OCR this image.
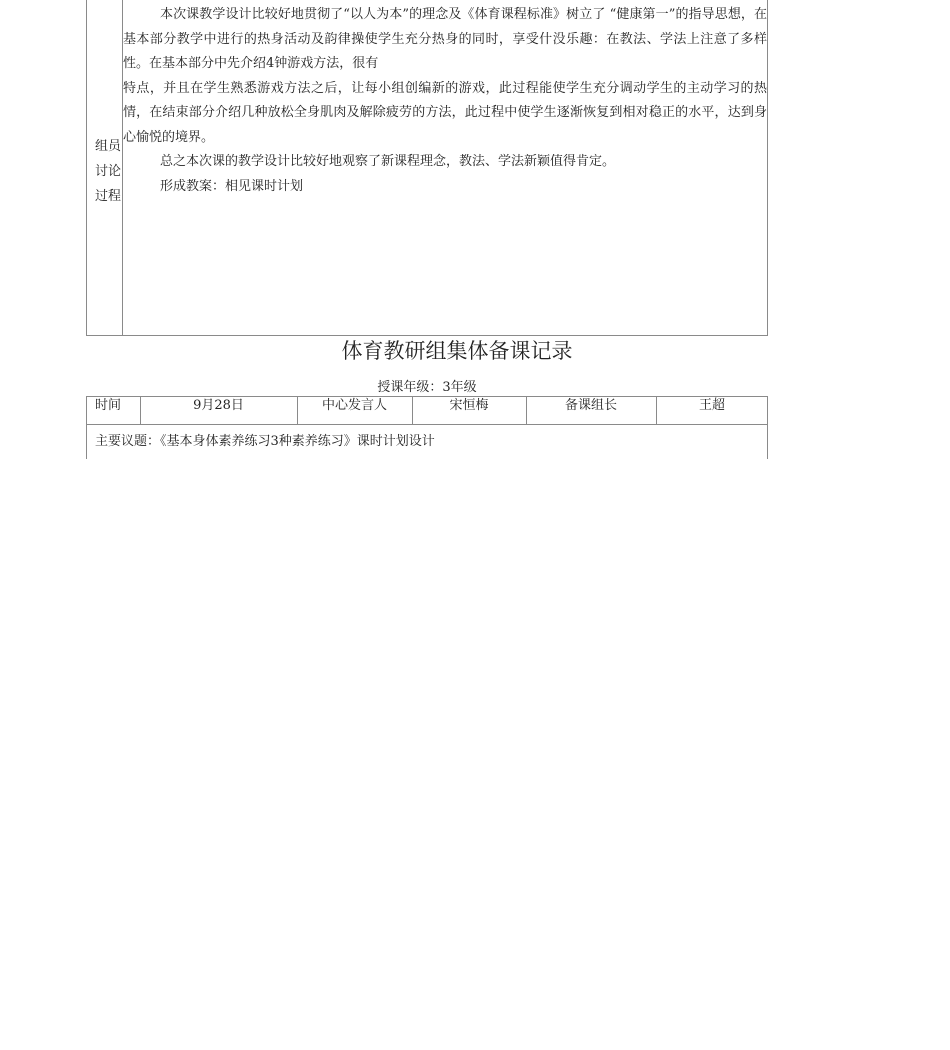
组员
讨论
过程

本次课教学设计比较好地贯彻了“以人为本”的理念及《体育课程标准》树立了 “健康第一”的指导思想，在基本部分教学中进行的热身活动及韵律操使学生充分热身的同时，享受什没乐趣：在教法、学法上注意了多样性。在基本部分中先介绍4钟游戏方法，很有

特点，并且在学生熟悉游戏方法之后，让每小组创编新的游戏，此过程能使学生充分调动学生的主动学习的热情，在结束部分介绍几种放松全身肌肉及解除疲劳的方法，此过程中使学生逐渐恢复到相对稳正的水平，达到身心愉悦的境界。

总之本次课的教学设计比较好地观察了新课程理念，教法、学法新颖值得肯定。

形成教案：相见课时计划

体育教研组集体备课记录
授课年级：3年级
时间	9月28日	中心发言人	宋恒梅	备课组长	王超
主要议题：《基本身体素养练习3种素养练习》课时计划设计
